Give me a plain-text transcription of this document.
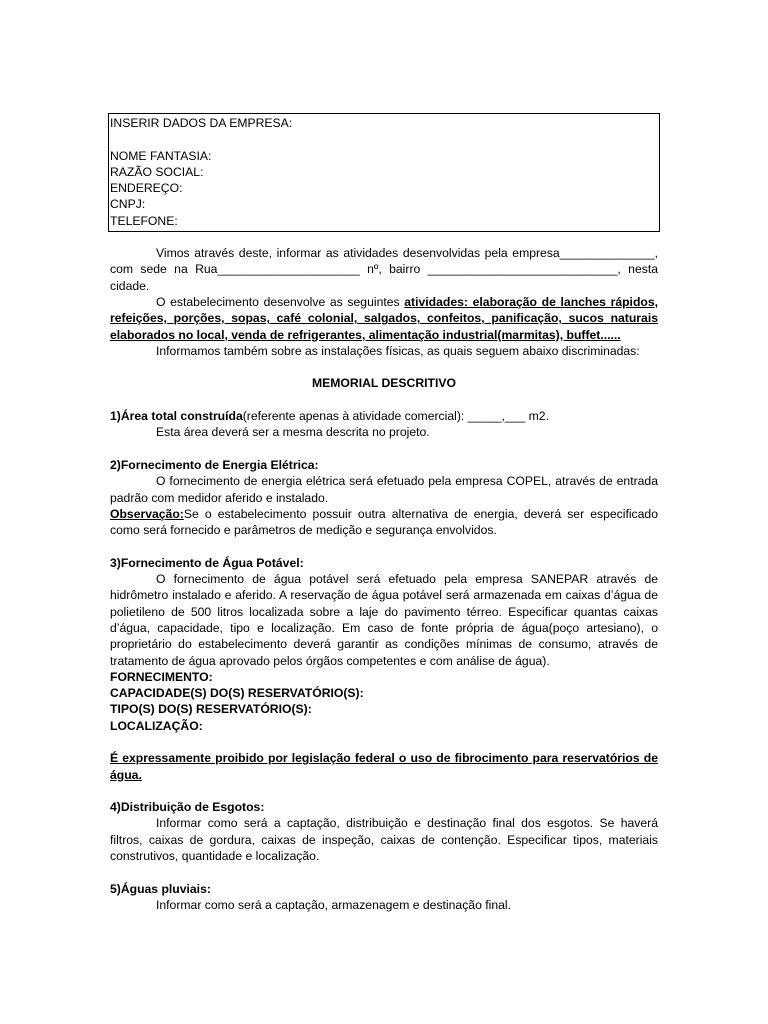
INSERIR DADOS DA EMPRESA:
NOME FANTASIA:
RAZÃO SOCIAL:
ENDEREÇO:
CNPJ:
TELEFONE:

Vimos através deste, informar as atividades desenvolvidas pela empresa______________, com sede na Rua_____________________ nº, bairro ____________________________, nesta cidade.

O estabelecimento desenvolve as seguintes atividades: elaboração de lanches rápidos, refeições, porções, sopas, café colonial, salgados, confeitos, panificação, sucos naturais elaborados no local, venda de refrigerantes, alimentação industrial(marmitas), buffet......

Informamos também sobre as instalações físicas, as quais seguem abaixo discriminadas:

MEMORIAL DESCRITIVO

1)Área total construída(referente apenas à atividade comercial): _____,___ m2.

Esta área deverá ser a mesma descrita no projeto.

2)Fornecimento de Energia Elétrica:

O fornecimento de energia elétrica será efetuado pela empresa COPEL, através de entrada padrão com medidor aferido e instalado.

Observação:Se o estabelecimento possuir outra alternativa de energia, deverá ser especificado como será fornecido e parâmetros de medição e segurança envolvidos.

3)Fornecimento de Água Potável:

O fornecimento de água potável será efetuado pela empresa SANEPAR através de hidrômetro instalado e aferido. A reservação de água potável será armazenada em caixas d’água de polietileno de 500 litros localizada sobre a laje do pavimento térreo. Especificar quantas caixas d’água, capacidade, tipo e localização. Em caso de fonte própria de água(poço artesiano), o proprietário do estabelecimento deverá garantir as condições mínimas de consumo, através de tratamento de água aprovado pelos órgãos competentes e com análise de água).

FORNECIMENTO:

CAPACIDADE(S) DO(S) RESERVATÓRIO(S):

TIPO(S) DO(S) RESERVATÓRIO(S):

LOCALIZAÇÃO:

É expressamente proibido por legislação federal o uso de fibrocimento para reservatórios de água.

4)Distribuição de Esgotos:

Informar como será a captação, distribuição e destinação final dos esgotos. Se haverá filtros, caixas de gordura, caixas de inspeção, caixas de contenção. Especificar tipos, materiais construtivos, quantidade e localização.

5)Águas pluviais:

Informar como será a captação, armazenagem e destinação final.
